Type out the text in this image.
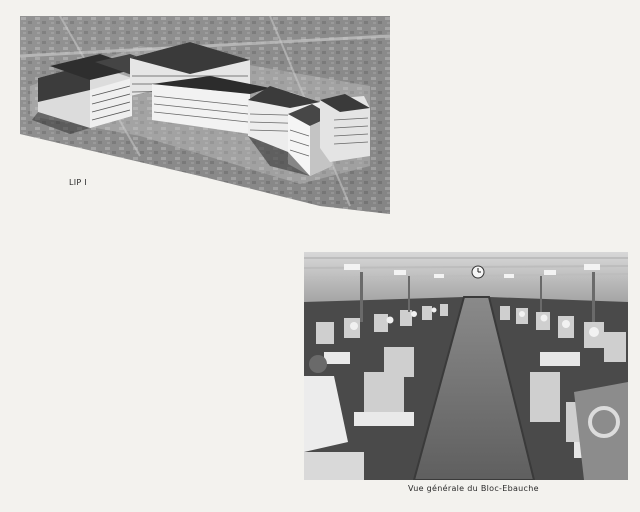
LIP I
Vue générale du Bloc-Ebauche
